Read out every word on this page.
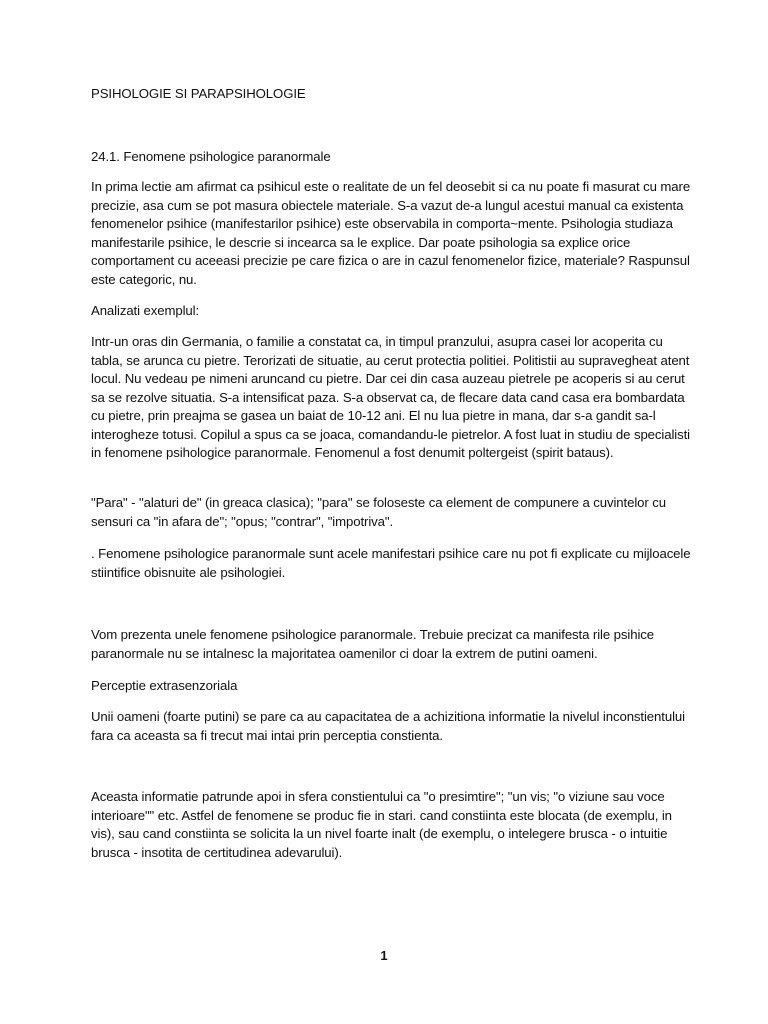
PSIHOLOGIE SI PARAPSIHOLOGIE
24.1. Fenomene psihologice paranormale
In prima lectie am afirmat ca psihicul este o realitate de un fel deosebit si ca nu poate fi masurat cu mare precizie, asa cum se pot masura obiectele materiale. S-a vazut de-a lungul acestui manual ca existenta fenomenelor psihice (manifestarilor psihice) este observabila in comporta~mente. Psihologia studiaza manifestarile psihice, le descrie si incearca sa le explice. Dar poate psihologia sa explice orice comportament cu aceeasi precizie pe care fizica o are in cazul fenomenelor fizice, materiale? Raspunsul este categoric, nu.
Analizati exemplul:
Intr-un oras din Germania, o familie a constatat ca, in timpul pranzului, asupra casei lor acoperita cu tabla, se arunca cu pietre. Terorizati de situatie, au cerut protectia politiei. Politistii au supravegheat atent locul. Nu vedeau pe nimeni aruncand cu pietre. Dar cei din casa auzeau pietrele pe acoperis si au cerut sa se rezolve situatia. S-a intensificat paza. S-a observat ca, de flecare data cand casa era bombardata cu pietre, prin preajma se gasea un baiat de 10-12 ani. El nu lua pietre in mana, dar s-a gandit sa-l interogheze totusi. Copilul a spus ca se joaca, comandandu-le pietrelor. A fost luat in studiu de specialisti in fenomene psihologice paranormale. Fenomenul a fost denumit poltergeist (spirit bataus).
"Para" - "alaturi de" (in greaca clasica); "para" se foloseste ca element de compunere a cuvintelor cu sensuri ca "in afara de"; "opus; "contrar", "impotriva".
. Fenomene psihologice paranormale sunt acele manifestari psihice care nu pot fi explicate cu mijloacele stiintifice obisnuite ale psihologiei.
Vom prezenta unele fenomene psihologice paranormale. Trebuie precizat ca manifesta rile psihice paranormale nu se intalnesc la majoritatea oamenilor ci doar la extrem de putini oameni.
Perceptie extrasenzoriala
Unii oameni (foarte putini) se pare ca au capacitatea de a achizitiona informatie la nivelul inconstientului fara ca aceasta sa fi trecut mai intai prin perceptia constienta.
Aceasta informatie patrunde apoi in sfera constientului ca "o presimtire"; "un vis; "o viziune sau voce interioare"" etc. Astfel de fenomene se produc fie in stari. cand constiinta este blocata (de exemplu, in vis), sau cand constiinta se solicita la un nivel foarte inalt (de exemplu, o intelegere brusca - o intuitie brusca - insotita de certitudinea adevarului).
1
